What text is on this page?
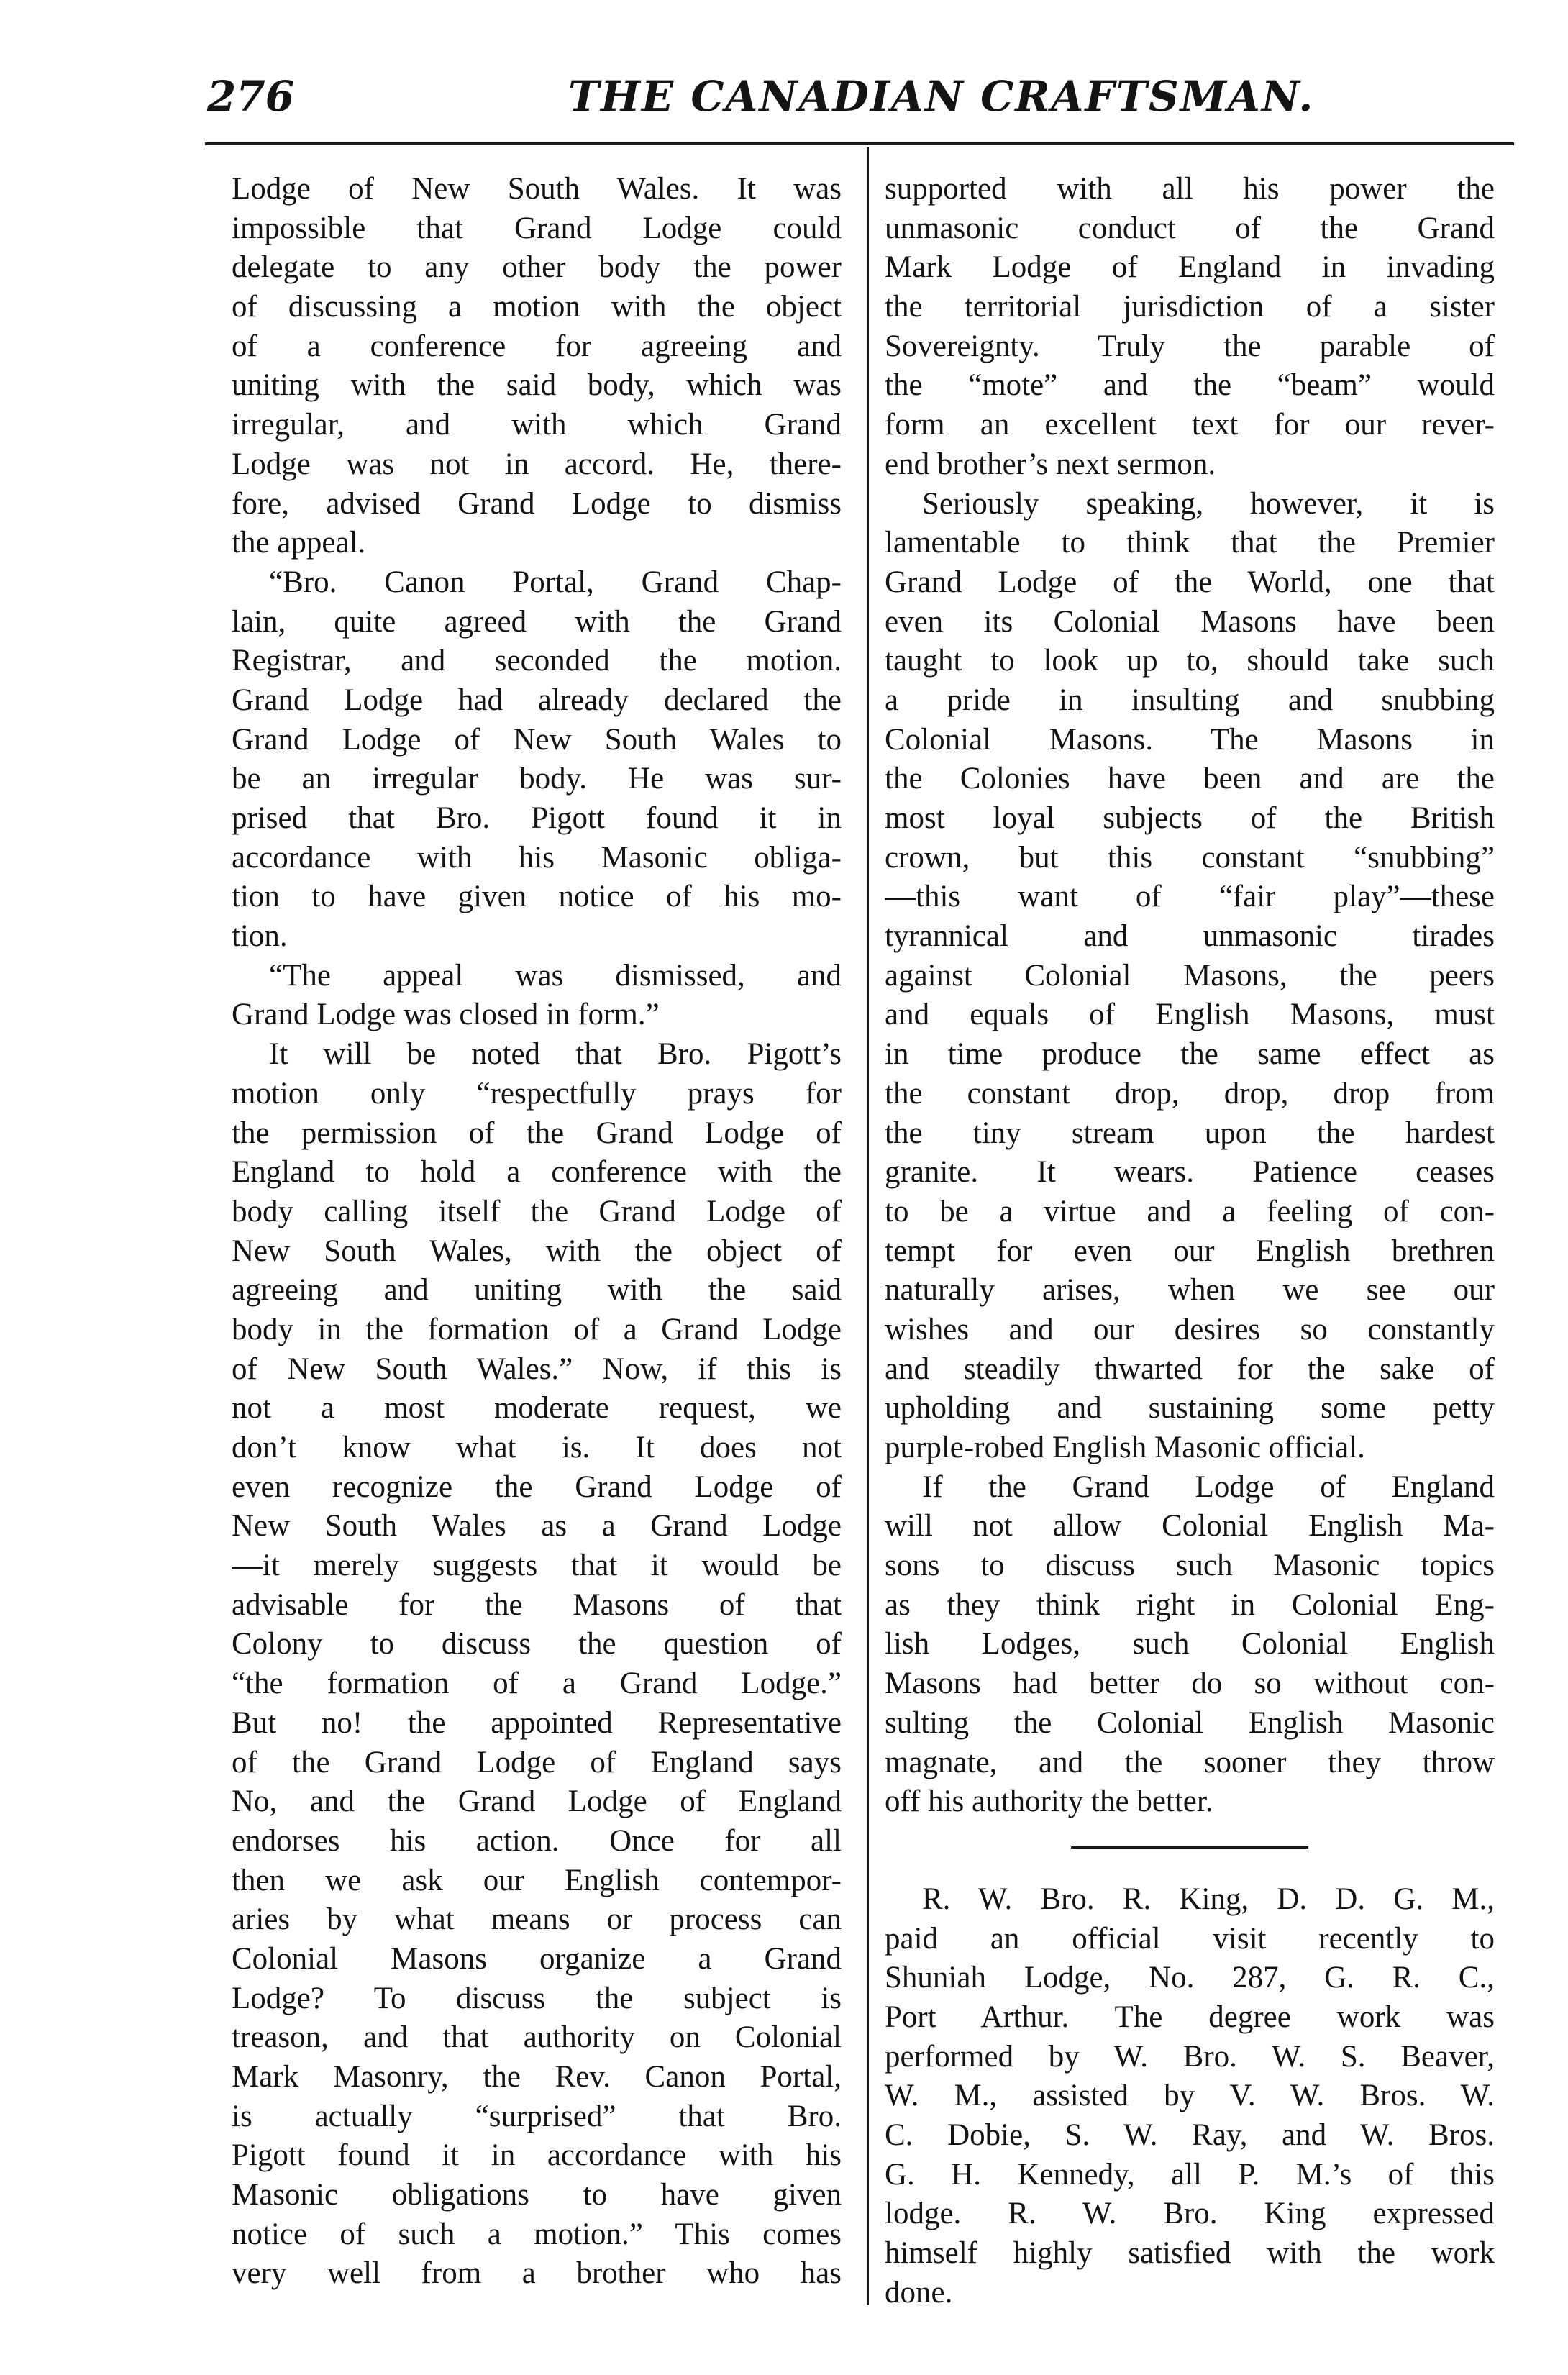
276	THE CANADIAN CRAFTSMAN.
Lodge of New South Wales. It was
impossible that Grand Lodge could
delegate to any other body the power
of discussing a motion with the object
of a conference for agreeing and
uniting with the said body, which was
irregular, and with which Grand
Lodge was not in accord. He, there-
fore, advised Grand Lodge to dismiss
the appeal.
“Bro. Canon Portal, Grand Chap-
lain, quite agreed with the Grand
Registrar, and seconded the motion.
Grand Lodge had already declared the
Grand Lodge of New South Wales to
be an irregular body. He was sur-
prised that Bro. Pigott found it in
accordance with his Masonic obliga-
tion to have given notice of his mo-
tion.
“The appeal was dismissed, and
Grand Lodge was closed in form.”
It will be noted that Bro. Pigott’s
motion only “respectfully prays for
the permission of the Grand Lodge of
England to hold a conference with the
body calling itself the Grand Lodge of
New South Wales, with the object of
agreeing and uniting with the said
body in the formation of a Grand Lodge
of New South Wales.” Now, if this is
not a most moderate request, we
don’t know what is. It does not
even recognize the Grand Lodge of
New South Wales as a Grand Lodge
—it merely suggests that it would be
advisable for the Masons of that
Colony to discuss the question of
“the formation of a Grand Lodge.”
But no! the appointed Representative
of the Grand Lodge of England says
No, and the Grand Lodge of England
endorses his action. Once for all
then we ask our English contempor-
aries by what means or process can
Colonial Masons organize a Grand
Lodge? To discuss the subject is
treason, and that authority on Colonial
Mark Masonry, the Rev. Canon Portal,
is actually “surprised” that Bro.
Pigott found it in accordance with his
Masonic obligations to have given
notice of such a motion.” This comes
very well from a brother who has
supported with all his power the
unmasonic conduct of the Grand
Mark Lodge of England in invading
the territorial jurisdiction of a sister
Sovereignty. Truly the parable of
the “mote” and the “beam” would
form an excellent text for our rever-
end brother’s next sermon.
Seriously speaking, however, it is
lamentable to think that the Premier
Grand Lodge of the World, one that
even its Colonial Masons have been
taught to look up to, should take such
a pride in insulting and snubbing
Colonial Masons. The Masons in
the Colonies have been and are the
most loyal subjects of the British
crown, but this constant “snubbing”
—this want of “fair play”—these
tyrannical and unmasonic tirades
against Colonial Masons, the peers
and equals of English Masons, must
in time produce the same effect as
the constant drop, drop, drop from
the tiny stream upon the hardest
granite. It wears. Patience ceases
to be a virtue and a feeling of con-
tempt for even our English brethren
naturally arises, when we see our
wishes and our desires so constantly
and steadily thwarted for the sake of
upholding and sustaining some petty
purple-robed English Masonic official.
If the Grand Lodge of England
will not allow Colonial English Ma-
sons to discuss such Masonic topics
as they think right in Colonial Eng-
lish Lodges, such Colonial English
Masons had better do so without con-
sulting the Colonial English Masonic
magnate, and the sooner they throw
off his authority the better.
R. W. Bro. R. King, D. D. G. M.,
paid an official visit recently to
Shuniah Lodge, No. 287, G. R. C.,
Port Arthur. The degree work was
performed by W. Bro. W. S. Beaver,
W. M., assisted by V. W. Bros. W.
C. Dobie, S. W. Ray, and W. Bros.
G. H. Kennedy, all P. M.’s of this
lodge. R. W. Bro. King expressed
himself highly satisfied with the work
done.
